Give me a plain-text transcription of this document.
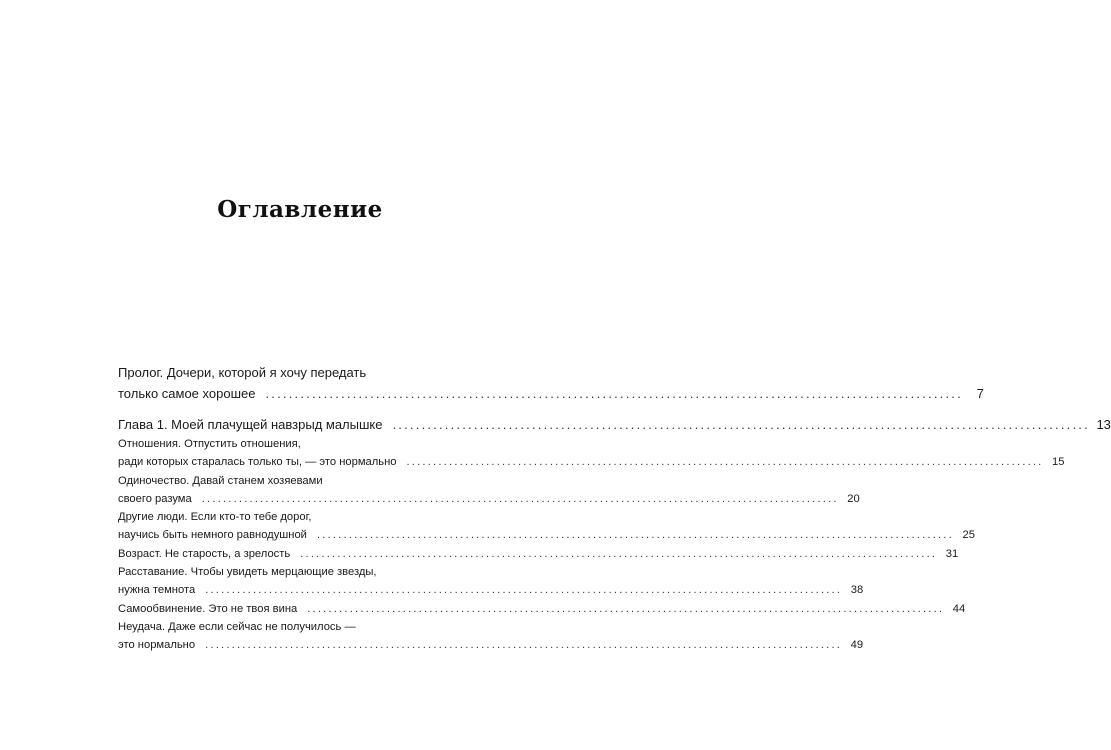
Оглавление
Пролог. Дочери, которой я хочу передать
только самое хорошее ........................................................................................................................	7
Глава 1. Моей плачущей навзрыд малышке ........................................................................................................................ 13
Отношения. Отпустить отношения,
ради которых старалась только ты, — это нормально ........................................................................................................................ 15
Одиночество. Давай станем хозяевами
своего разума ........................................................................................................................ 20
Другие люди. Если кто-то тебе дорог,
научись быть немного равнодушной ........................................................................................................................ 25
Возраст. Не старость, а зрелость ........................................................................................................................ 31
Расставание. Чтобы увидеть мерцающие звезды,
нужна темнота ........................................................................................................................ 38
Самообвинение. Это не твоя вина ........................................................................................................................ 44
Неудача. Даже если сейчас не получилось —
это нормально ........................................................................................................................ 49
